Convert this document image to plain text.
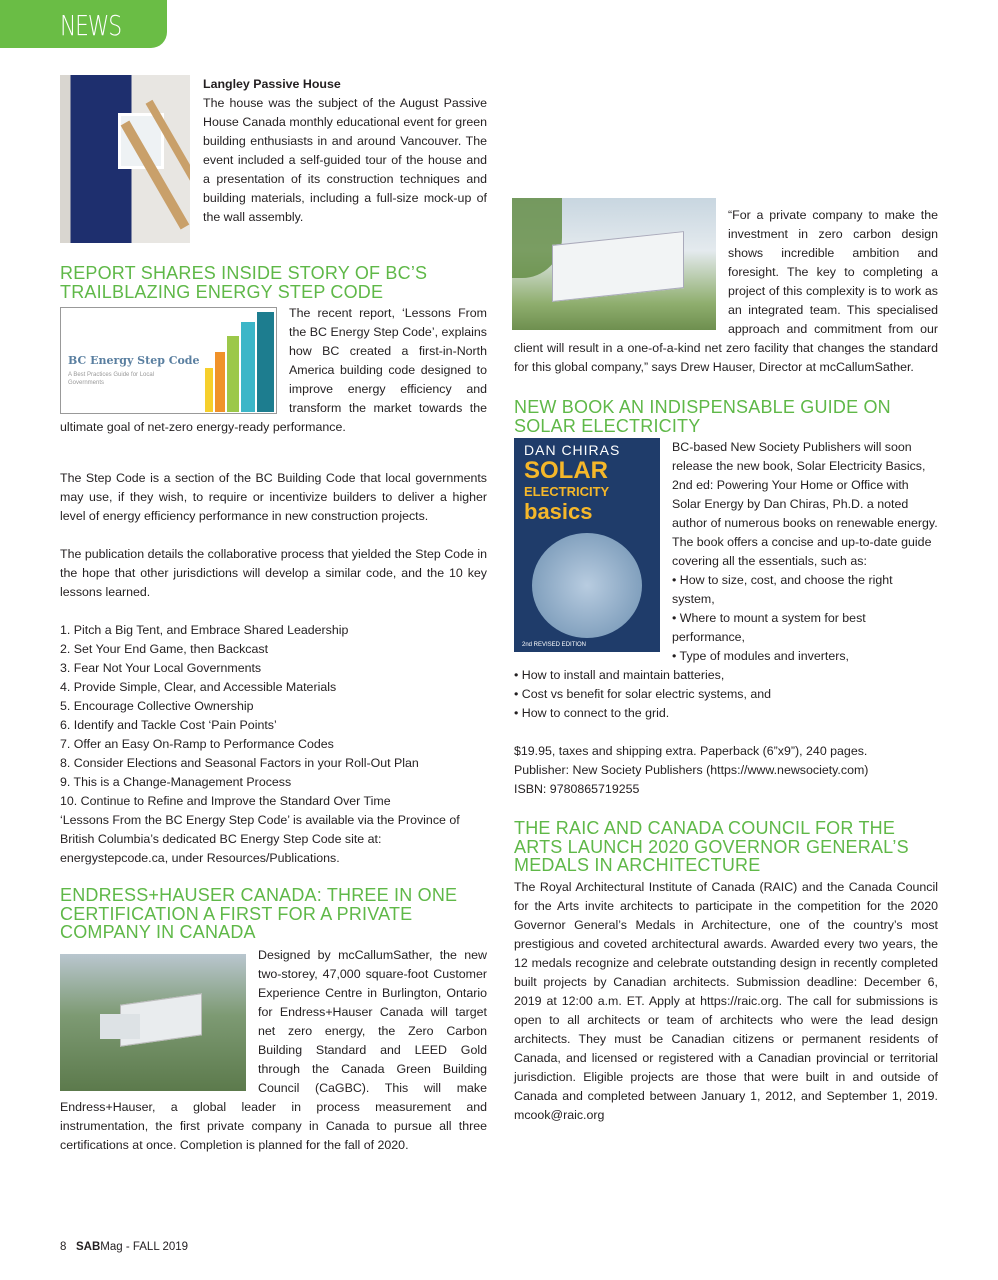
NEWS

Langley Passive House

The house was the subject of the August Passive House Canada monthly educational event for green building enthusiasts in and around Vancouver. The event included a self-guided tour of the house and a presentation of its construction techniques and building materials, including a full-size mock-up of the wall assembly.

REPORT SHARES INSIDE STORY OF BC’S TRAILBLAZING ENERGY STEP CODE
BC Energy Step Code
A Best Practices Guide for Local Governments

The recent report, ‘Lessons From the BC Energy Step Code’, explains how BC created a first-in-North America building code designed to improve energy efficiency and transform the market towards the ultimate goal of net-zero energy-ready performance.

The Step Code is a section of the BC Building Code that local governments may use, if they wish, to require or incentivize builders to deliver a higher level of energy efficiency performance in new construction projects.

The publication details the collaborative process that yielded the Step Code in the hope that other jurisdictions will develop a similar code, and the 10 key lessons learned.

1. Pitch a Big Tent, and Embrace Shared Leadership
2. Set Your End Game, then Backcast
3. Fear Not Your Local Governments
4. Provide Simple, Clear, and Accessible Materials
5. Encourage Collective Ownership
6. Identify and Tackle Cost ‘Pain Points’
7. Offer an Easy On-Ramp to Performance Codes
8. Consider Elections and Seasonal Factors in your Roll-Out Plan
9. This is a Change-Management Process
10. Continue to Refine and Improve the Standard Over Time

‘Lessons From the BC Energy Step Code’ is available via the Province of British Columbia’s dedicated BC Energy Step Code site at: energystepcode.ca, under Resources/Publications.

ENDRESS+HAUSER CANADA: THREE IN ONE CERTIFICATION A FIRST FOR A PRIVATE COMPANY IN CANADA

Designed by mcCallumSather, the new two-storey, 47,000 square-foot Customer Experience Centre in Burlington, Ontario for Endress+Hauser Canada will target net zero energy, the Zero Carbon Building Standard and LEED Gold through the Canada Green Building Council (CaGBC). This will make Endress+Hauser, a global leader in process measurement and instrumentation, the first private company in Canada to pursue all three certifications at once. Completion is planned for the fall of 2020.

“For a private company to make the investment in zero carbon design shows incredible ambition and foresight. The key to completing a project of this complexity is to work as an integrated team. This specialised approach and commitment from our client will result in a one-of-a-kind net zero facility that changes the standard for this global company,” says Drew Hauser, Director at mcCallumSather.

NEW BOOK AN INDISPENSABLE GUIDE ON SOLAR ELECTRICITY
DAN CHIRAS
SOLAR
ELECTRICITY
basics
2nd REVISED EDITION

BC-based New Society Publishers will soon release the new book, Solar Electricity Basics, 2nd ed: Powering Your Home or Office with Solar Energy by Dan Chiras, Ph.D. a noted author of numerous books on renewable energy. The book offers a concise and up-to-date guide covering all the essentials, such as:

• How to size, cost, and choose the right system,
• Where to mount a system for best performance,
• Type of modules and inverters,
• How to install and maintain batteries,
• Cost vs benefit for solar electric systems, and
• How to connect to the grid.
$19.95, taxes and shipping extra. Paperback (6”x9”), 240 pages.
Publisher: New Society Publishers (https://www.newsociety.com)
ISBN: 9780865719255
THE RAIC AND CANADA COUNCIL FOR THE ARTS LAUNCH 2020 GOVERNOR GENERAL’S MEDALS IN ARCHITECTURE

The Royal Architectural Institute of Canada (RAIC) and the Canada Council for the Arts invite architects to participate in the competition for the 2020 Governor General’s Medals in Architecture, one of the country’s most prestigious and coveted architectural awards. Awarded every two years, the 12 medals recognize and celebrate outstanding design in recently completed built projects by Canadian architects. Submission deadline: December 6, 2019 at 12:00 a.m. ET. Apply at https://raic.org. The call for submissions is open to all architects or team of architects who were the lead design architects. They must be Canadian citizens or permanent residents of Canada, and licensed or registered with a Canadian provincial or territorial jurisdiction. Eligible projects are those that were built in and outside of Canada and completed between January 1, 2012, and September 1, 2019. mcook@raic.org

8 SABMag - FALL 2019
